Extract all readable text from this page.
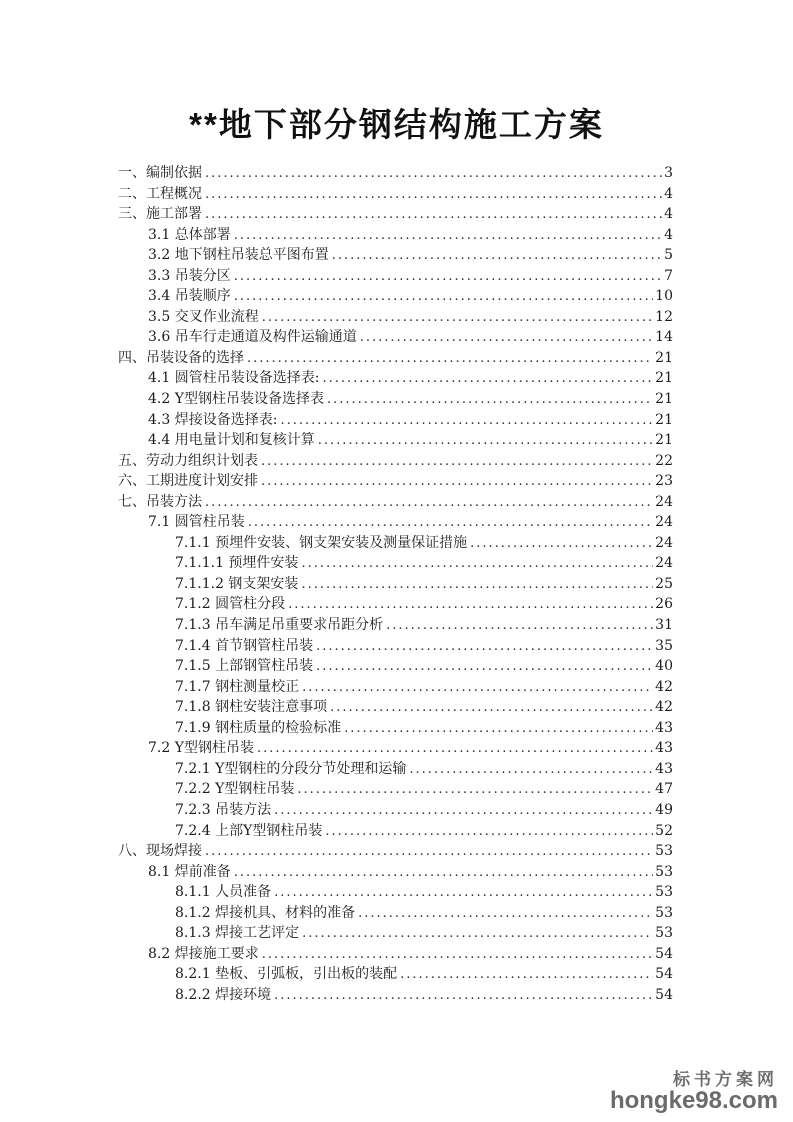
**地下部分钢结构施工方案
一、编制依据 .....	3
二、工程概况 .....	4
三、施工部署 .....	4
3.1 总体部署 .....	4
3.2 地下钢柱吊装总平图布置 .....	5
3.3 吊装分区 .....	7
3.4 吊装顺序 .....	10
3.5 交叉作业流程 .....	12
3.6 吊车行走通道及构件运输通道 .....	14
四、吊装设备的选择 .....	21
4.1 圆管柱吊装设备选择表: .....	21
4.2 Y型钢柱吊装设备选择表 .....	21
4.3 焊接设备选择表: .....	21
4.4 用电量计划和复核计算 .....	21
五、劳动力组织计划表 .....	22
六、工期进度计划安排 .....	23
七、吊装方法 .....	24
7.1 圆管柱吊装 .....	24
7.1.1 预埋件安装、钢支架安装及测量保证措施 .....	24
7.1.1.1 预埋件安装 .....	24
7.1.1.2 钢支架安装 .....	25
7.1.2 圆管柱分段 .....	26
7.1.3 吊车满足吊重要求吊距分析 .....	31
7.1.4 首节钢管柱吊装 .....	35
7.1.5 上部钢管柱吊装 .....	40
7.1.7 钢柱测量校正 .....	42
7.1.8 钢柱安装注意事项 .....	42
7.1.9 钢柱质量的检验标准 .....	43
7.2 Y型钢柱吊装 .....	43
7.2.1 Y型钢柱的分段分节处理和运输 .....	43
7.2.2 Y型钢柱吊装 .....	47
7.2.3 吊装方法 .....	49
7.2.4 上部Y型钢柱吊装 .....	52
八、现场焊接 .....	53
8.1 焊前准备 .....	53
8.1.1 人员准备 .....	53
8.1.2 焊接机具、材料的准备 .....	53
8.1.3 焊接工艺评定 .....	53
8.2 焊接施工要求 .....	54
8.2.1 垫板、引弧板，引出板的装配 .....	54
8.2.2 焊接环境 .....	54
标书方案网
hongke98.com
